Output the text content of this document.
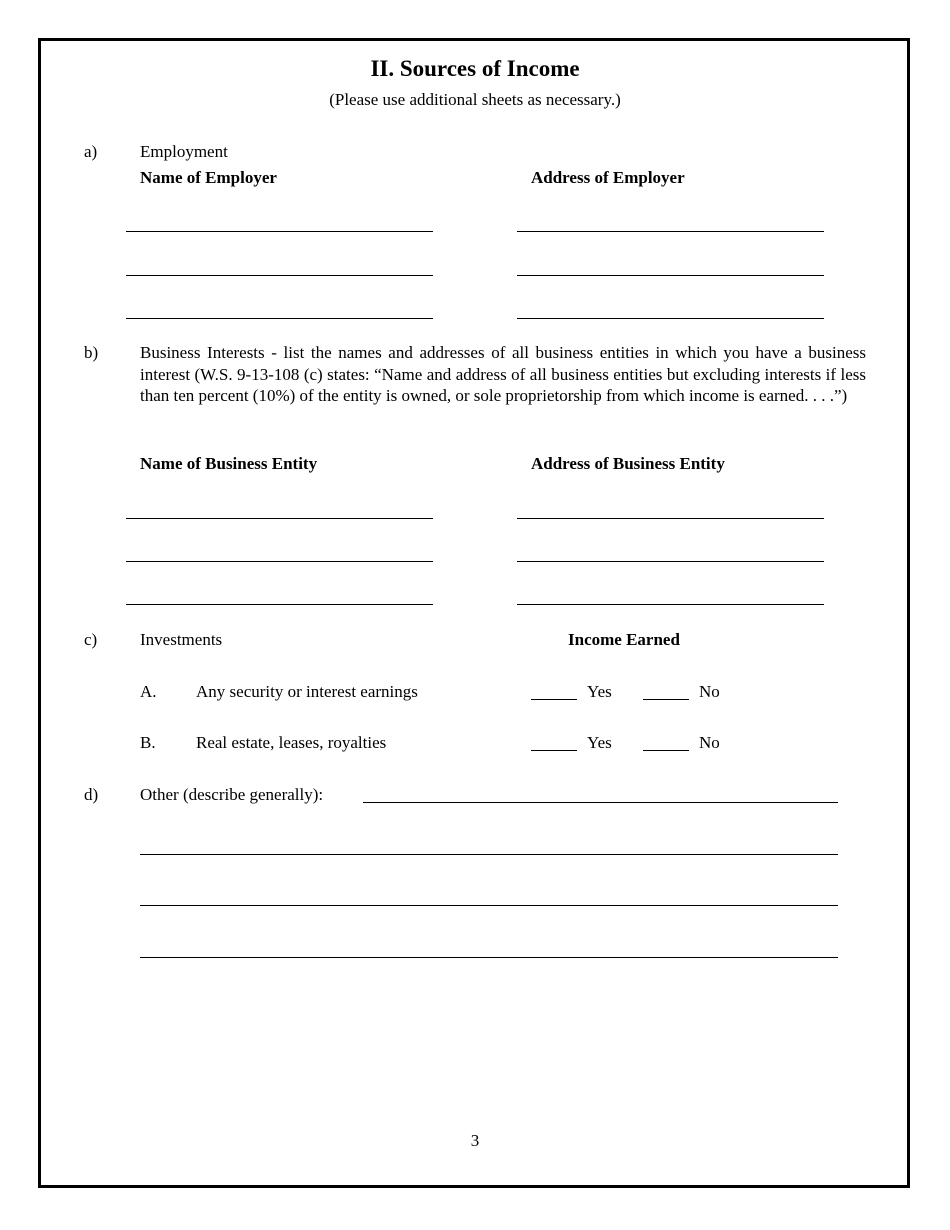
II. Sources of Income
(Please use additional sheets as necessary.)
a)	Employment
Name of Employer	Address of Employer
b) Business Interests - list the names and addresses of all business entities in which you have a business interest (W.S. 9-13-108 (c) states: “Name and address of all business entities but excluding interests if less than ten percent (10%) of the entity is owned, or sole proprietorship from which income is earned. . . .”)
Name of Business Entity	Address of Business Entity
c)	Investments	Income Earned
A. Any security or interest earnings	Yes	No
B. Real estate, leases, royalties	Yes	No
d) Other (describe generally):
3
